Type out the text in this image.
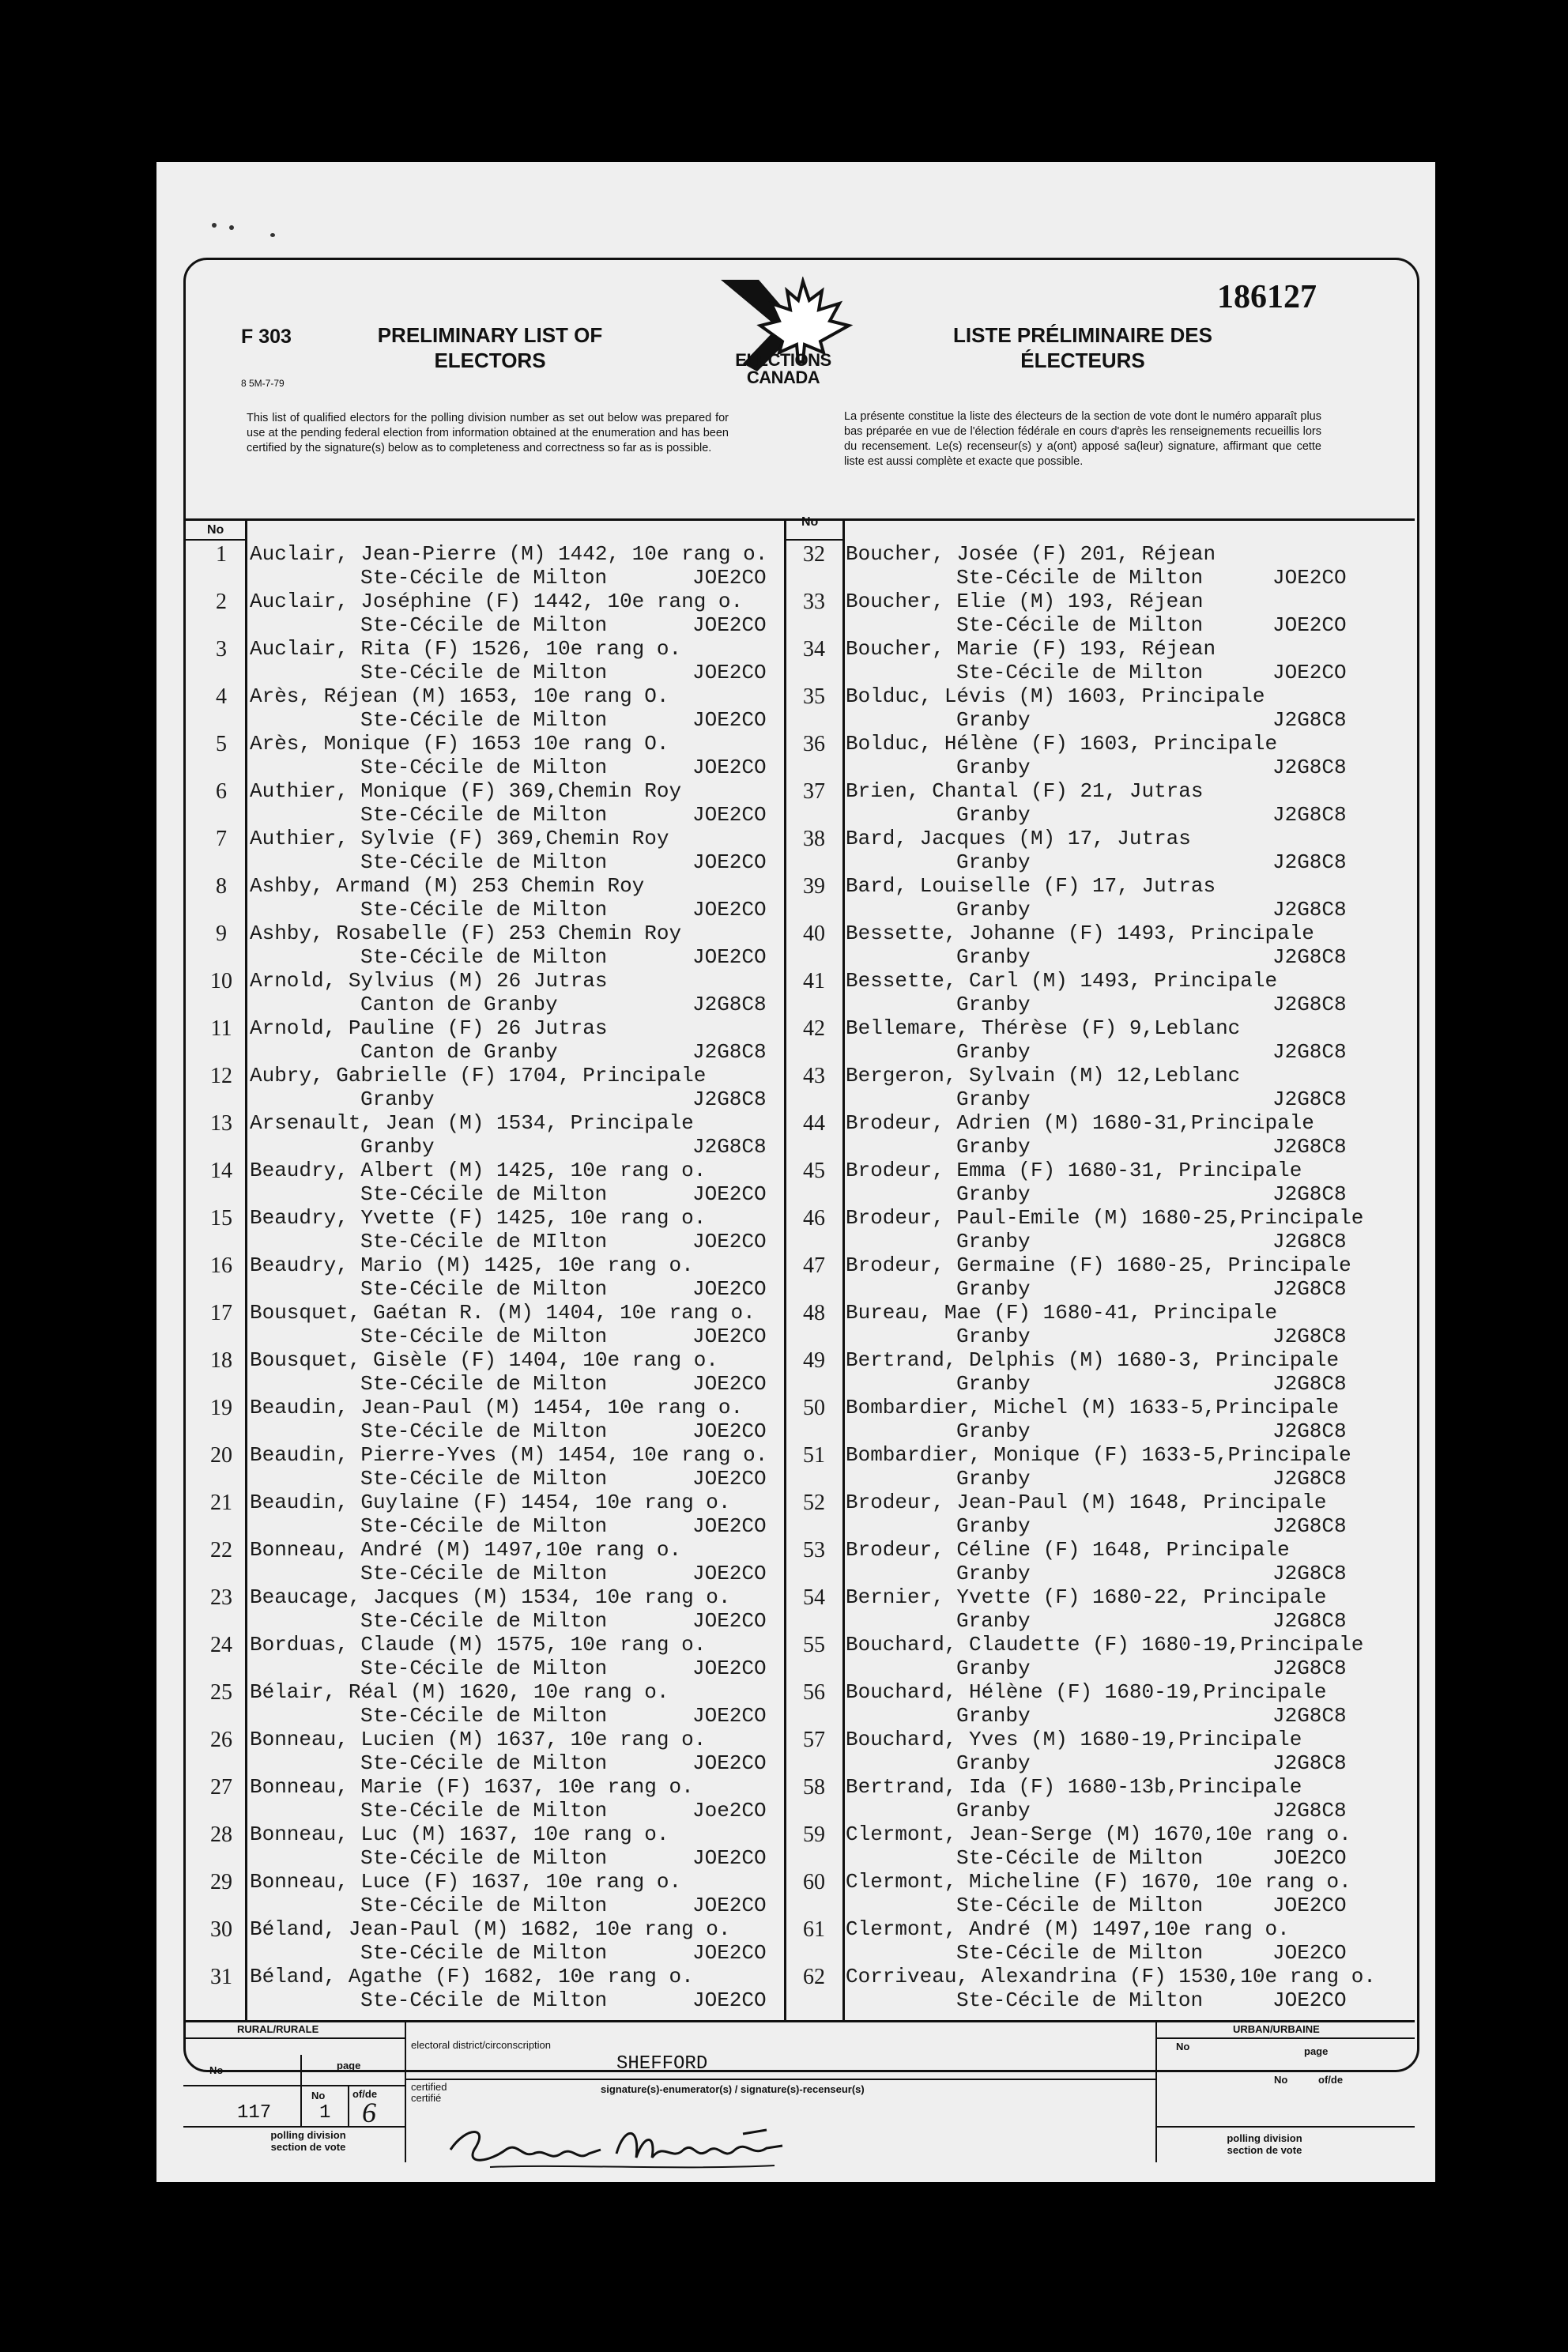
F 303
8 5M-7-79
PRELIMINARY LIST OF ELECTORS
LISTE PRÉLIMINAIRE DES ÉLECTEURS
186127
ELECTIONS CANADA
This list of qualified electors for the polling division number as set out below was prepared for use at the pending federal election from information obtained at the enumeration and has been certified by the signature(s) below as to completeness and correctness so far as is possible.
La présente constitue la liste des électeurs de la section de vote dont le numéro apparaît plus bas préparée en vue de l'élection fédérale en cours d'après les renseignements recueillis lors du recensement. Le(s) recenseur(s) y a(ont) apposé sa(leur) signature, affirmant que cette liste est aussi complète et exacte que possible.
No
No
1	Auclair, Jean-Pierre (M) 1442, 10e rang o.
Ste-Cécile de Milton	JOE2CO
2	Auclair, Joséphine (F) 1442, 10e rang o.
Ste-Cécile de Milton	JOE2CO
3	Auclair, Rita (F) 1526, 10e rang o.
Ste-Cécile de Milton	JOE2CO
4	Arès, Réjean (M) 1653, 10e rang O.
Ste-Cécile de Milton	JOE2CO
5	Arès, Monique (F) 1653 10e rang O.
Ste-Cécile de Milton	JOE2CO
6	Authier, Monique (F) 369,Chemin Roy
Ste-Cécile de Milton	JOE2CO
7	Authier, Sylvie (F) 369,Chemin Roy
Ste-Cécile de Milton	JOE2CO
8	Ashby, Armand (M) 253 Chemin Roy
Ste-Cécile de Milton	JOE2CO
9	Ashby, Rosabelle (F) 253 Chemin Roy
Ste-Cécile de Milton	JOE2CO
10 Arnold, Sylvius (M) 26 Jutras
Canton de Granby	J2G8C8
11 Arnold, Pauline (F) 26 Jutras
Canton de Granby	J2G8C8
12 Aubry, Gabrielle (F) 1704, Principale
Granby	J2G8C8
13 Arsenault, Jean (M) 1534, Principale
Granby	J2G8C8
14 Beaudry, Albert (M) 1425, 10e rang o.
Ste-Cécile de Milton	JOE2CO
15 Beaudry, Yvette (F) 1425, 10e rang o.
Ste-Cécile de MIlton	JOE2CO
16 Beaudry, Mario (M) 1425, 10e rang o.
Ste-Cécile de Milton	JOE2CO
17 Bousquet, Gaétan R. (M) 1404, 10e rang o.
Ste-Cécile de Milton	JOE2CO
18 Bousquet, Gisèle (F) 1404, 10e rang o.
Ste-Cécile de Milton	JOE2CO
19 Beaudin, Jean-Paul (M) 1454, 10e rang o.
Ste-Cécile de Milton	JOE2CO
20 Beaudin, Pierre-Yves (M) 1454, 10e rang o.
Ste-Cécile de Milton	JOE2CO
21 Beaudin, Guylaine (F) 1454, 10e rang o.
Ste-Cécile de Milton	JOE2CO
22 Bonneau, André (M) 1497,10e rang o.
Ste-Cécile de Milton	JOE2CO
23 Beaucage, Jacques (M) 1534, 10e rang o.
Ste-Cécile de Milton	JOE2CO
24 Borduas, Claude (M) 1575, 10e rang o.
Ste-Cécile de Milton	JOE2CO
25 Bélair, Réal (M) 1620, 10e rang o.
Ste-Cécile de Milton	JOE2CO
26 Bonneau, Lucien (M) 1637, 10e rang o.
Ste-Cécile de Milton	JOE2CO
27 Bonneau, Marie (F) 1637, 10e rang o.
Ste-Cécile de Milton	Joe2CO
28 Bonneau, Luc (M) 1637, 10e rang o.
Ste-Cécile de Milton	JOE2CO
29 Bonneau, Luce (F) 1637, 10e rang o.
Ste-Cécile de Milton	JOE2CO
30 Béland, Jean-Paul (M) 1682, 10e rang o.
Ste-Cécile de Milton	JOE2CO
31 Béland, Agathe (F) 1682, 10e rang o.
Ste-Cécile de Milton	JOE2CO
32	Boucher, Josée (F) 201, Réjean
Ste-Cécile de Milton	JOE2CO
33	Boucher, Elie (M) 193, Réjean
Ste-Cécile de Milton	JOE2CO
34	Boucher, Marie (F) 193, Réjean
Ste-Cécile de Milton	JOE2CO
35	Bolduc, Lévis (M) 1603, Principale
Granby	J2G8C8
36	Bolduc, Hélène (F) 1603, Principale
Granby	J2G8C8
37	Brien, Chantal (F) 21, Jutras
Granby	J2G8C8
38	Bard, Jacques (M) 17, Jutras
Granby	J2G8C8
39	Bard, Louiselle (F) 17, Jutras
Granby	J2G8C8
40	Bessette, Johanne (F) 1493, Principale
Granby	J2G8C8
41	Bessette, Carl (M) 1493, Principale
Granby	J2G8C8
42	Bellemare, Thérèse (F) 9,Leblanc
Granby	J2G8C8
43	Bergeron, Sylvain (M) 12,Leblanc
Granby	J2G8C8
44	Brodeur, Adrien (M) 1680-31,Principale
Granby	J2G8C8
45	Brodeur, Emma (F) 1680-31, Principale
Granby	J2G8C8
46	Brodeur, Paul-Emile (M) 1680-25,Principale
Granby	J2G8C8
47	Brodeur, Germaine (F) 1680-25, Principale
Granby	J2G8C8
48	Bureau, Mae (F) 1680-41, Principale
Granby	J2G8C8
49	Bertrand, Delphis (M) 1680-3, Principale
Granby	J2G8C8
50	Bombardier, Michel (M) 1633-5,Principale
Granby	J2G8C8
51	Bombardier, Monique (F) 1633-5,Principale
Granby	J2G8C8
52	Brodeur, Jean-Paul (M) 1648, Principale
Granby	J2G8C8
53	Brodeur, Céline (F) 1648, Principale
Granby	J2G8C8
54	Bernier, Yvette (F) 1680-22, Principale
Granby	J2G8C8
55	Bouchard, Claudette (F) 1680-19,Principale
Granby	J2G8C8
56	Bouchard, Hélène (F) 1680-19,Principale
Granby	J2G8C8
57	Bouchard, Yves (M) 1680-19,Principale
Granby	J2G8C8
58	Bertrand, Ida (F) 1680-13b,Principale
Granby	J2G8C8
59	Clermont, Jean-Serge (M) 1670,10e rang o.
Ste-Cécile de Milton	JOE2CO
60	Clermont, Micheline (F) 1670, 10e rang o.
Ste-Cécile de Milton	JOE2CO
61	Clermont, André (M) 1497,10e rang o.
Ste-Cécile de Milton	JOE2CO
62	Corriveau, Alexandrina (F) 1530,10e rang o.
Ste-Cécile de Milton	JOE2CO
RURAL/RURALE	URBAN/URBAINE
electoral district/circonscription
SHEFFORD
No	page
No	of/de
117	1 6
polling division section de vote
certified certifié
signature(s)-enumerator(s) / signature(s)-recenseur(s)
Françoise Morissette
No	page
No	of/de
polling division section de vote
